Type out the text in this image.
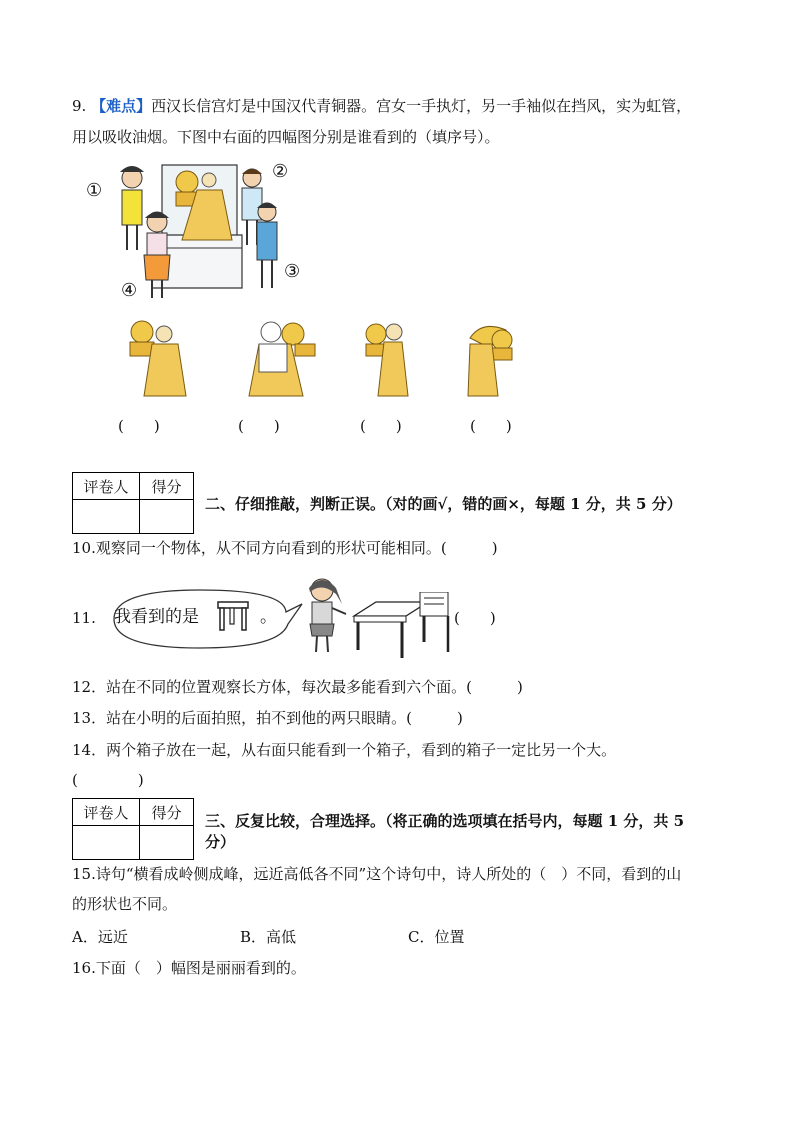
9. 【难点】西汉长信宫灯是中国汉代青铜器。宫女一手执灯，另一手袖似在挡风，实为虹管，
用以吸收油烟。下图中右面的四幅图分别是谁看到的（填序号）。
①
②
③
④
(　　)	(　　)	(　　)	(　　)
评卷人	得分

二、仔细推敲，判断正误。（对的画√，错的画×，每题 1 分，共 5 分）
10.观察同一个物体，从不同方向看到的形状可能相同。(　　　)
11. 我看到的是	。	(　　)
12．站在不同的位置观察长方体，每次最多能看到六个面。(　　　)
13．站在小明的后面拍照，拍不到他的两只眼睛。(　　　)
14．两个箱子放在一起，从右面只能看到一个箱子，看到的箱子一定比另一个大。
(　　　　)
评卷人	得分
	三、反复比较，合理选择。（将正确的选项填在括号内，每题 1 分，共 5
分）
15.诗句“横看成岭侧成峰，远近高低各不同”这个诗句中，诗人所处的（　）不同，看到的山
的形状也不同。
A．远近	B．高低	C．位置
16.下面（　）幅图是丽丽看到的。
